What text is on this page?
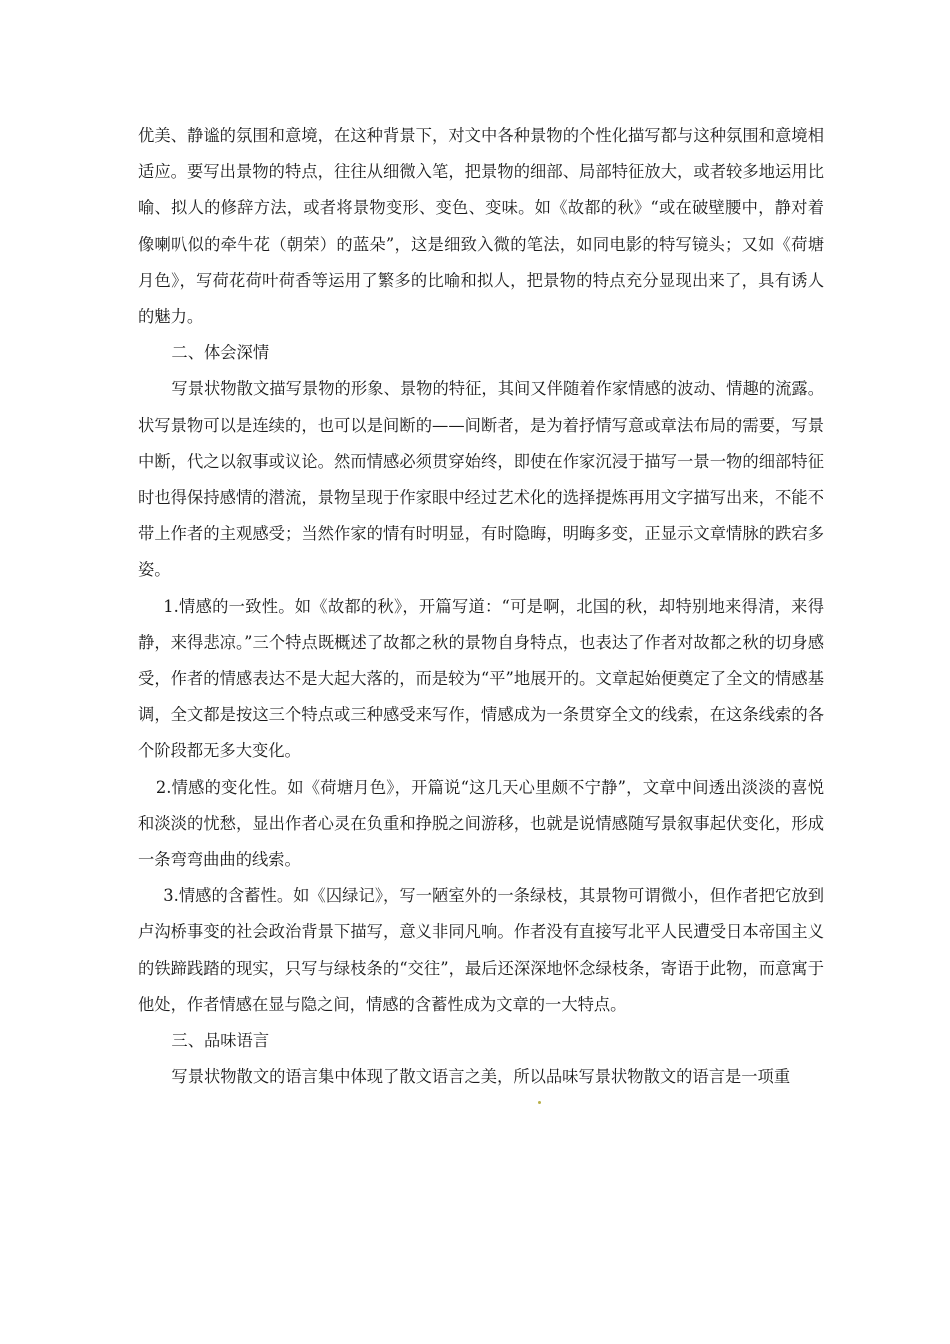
优美、静谧的氛围和意境，在这种背景下，对文中各种景物的个性化描写都与这种氛围和意境相适应。要写出景物的特点，往往从细微入笔，把景物的细部、局部特征放大，或者较多地运用比喻、拟人的修辞方法，或者将景物变形、变色、变味。如《故都的秋》“或在破壁腰中，静对着像喇叭似的牵牛花（朝荣）的蓝朵”，这是细致入微的笔法，如同电影的特写镜头；又如《荷塘月色》，写荷花荷叶荷香等运用了繁多的比喻和拟人，把景物的特点充分显现出来了，具有诱人的魅力。

二、体会深情

写景状物散文描写景物的形象、景物的特征，其间又伴随着作家情感的波动、情趣的流露。状写景物可以是连续的，也可以是间断的——间断者，是为着抒情写意或章法布局的需要，写景中断，代之以叙事或议论。然而情感必须贯穿始终，即使在作家沉浸于描写一景一物的细部特征时也得保持感情的潜流，景物呈现于作家眼中经过艺术化的选择提炼再用文字描写出来，不能不带上作者的主观感受；当然作家的情有时明显，有时隐晦，明晦多变，正显示文章情脉的跌宕多姿。

1.情感的一致性。如《故都的秋》，开篇写道：“可是啊，北国的秋，却特别地来得清，来得静，来得悲凉。”三个特点既概述了故都之秋的景物自身特点，也表达了作者对故都之秋的切身感受，作者的情感表达不是大起大落的，而是较为“平”地展开的。文章起始便奠定了全文的情感基调，全文都是按这三个特点或三种感受来写作，情感成为一条贯穿全文的线索，在这条线索的各个阶段都无多大变化。

2.情感的变化性。如《荷塘月色》，开篇说“这几天心里颇不宁静”，文章中间透出淡淡的喜悦和淡淡的忧愁，显出作者心灵在负重和挣脱之间游移，也就是说情感随写景叙事起伏变化，形成一条弯弯曲曲的线索。

3.情感的含蓄性。如《囚绿记》，写一陋室外的一条绿枝，其景物可谓微小，但作者把它放到卢沟桥事变的社会政治背景下描写，意义非同凡响。作者没有直接写北平人民遭受日本帝国主义的铁蹄践踏的现实，只写与绿枝条的“交往”，最后还深深地怀念绿枝条，寄语于此物，而意寓于他处，作者情感在显与隐之间，情感的含蓄性成为文章的一大特点。

三、品味语言

写景状物散文的语言集中体现了散文语言之美，所以品味写景状物散文的语言是一项重
